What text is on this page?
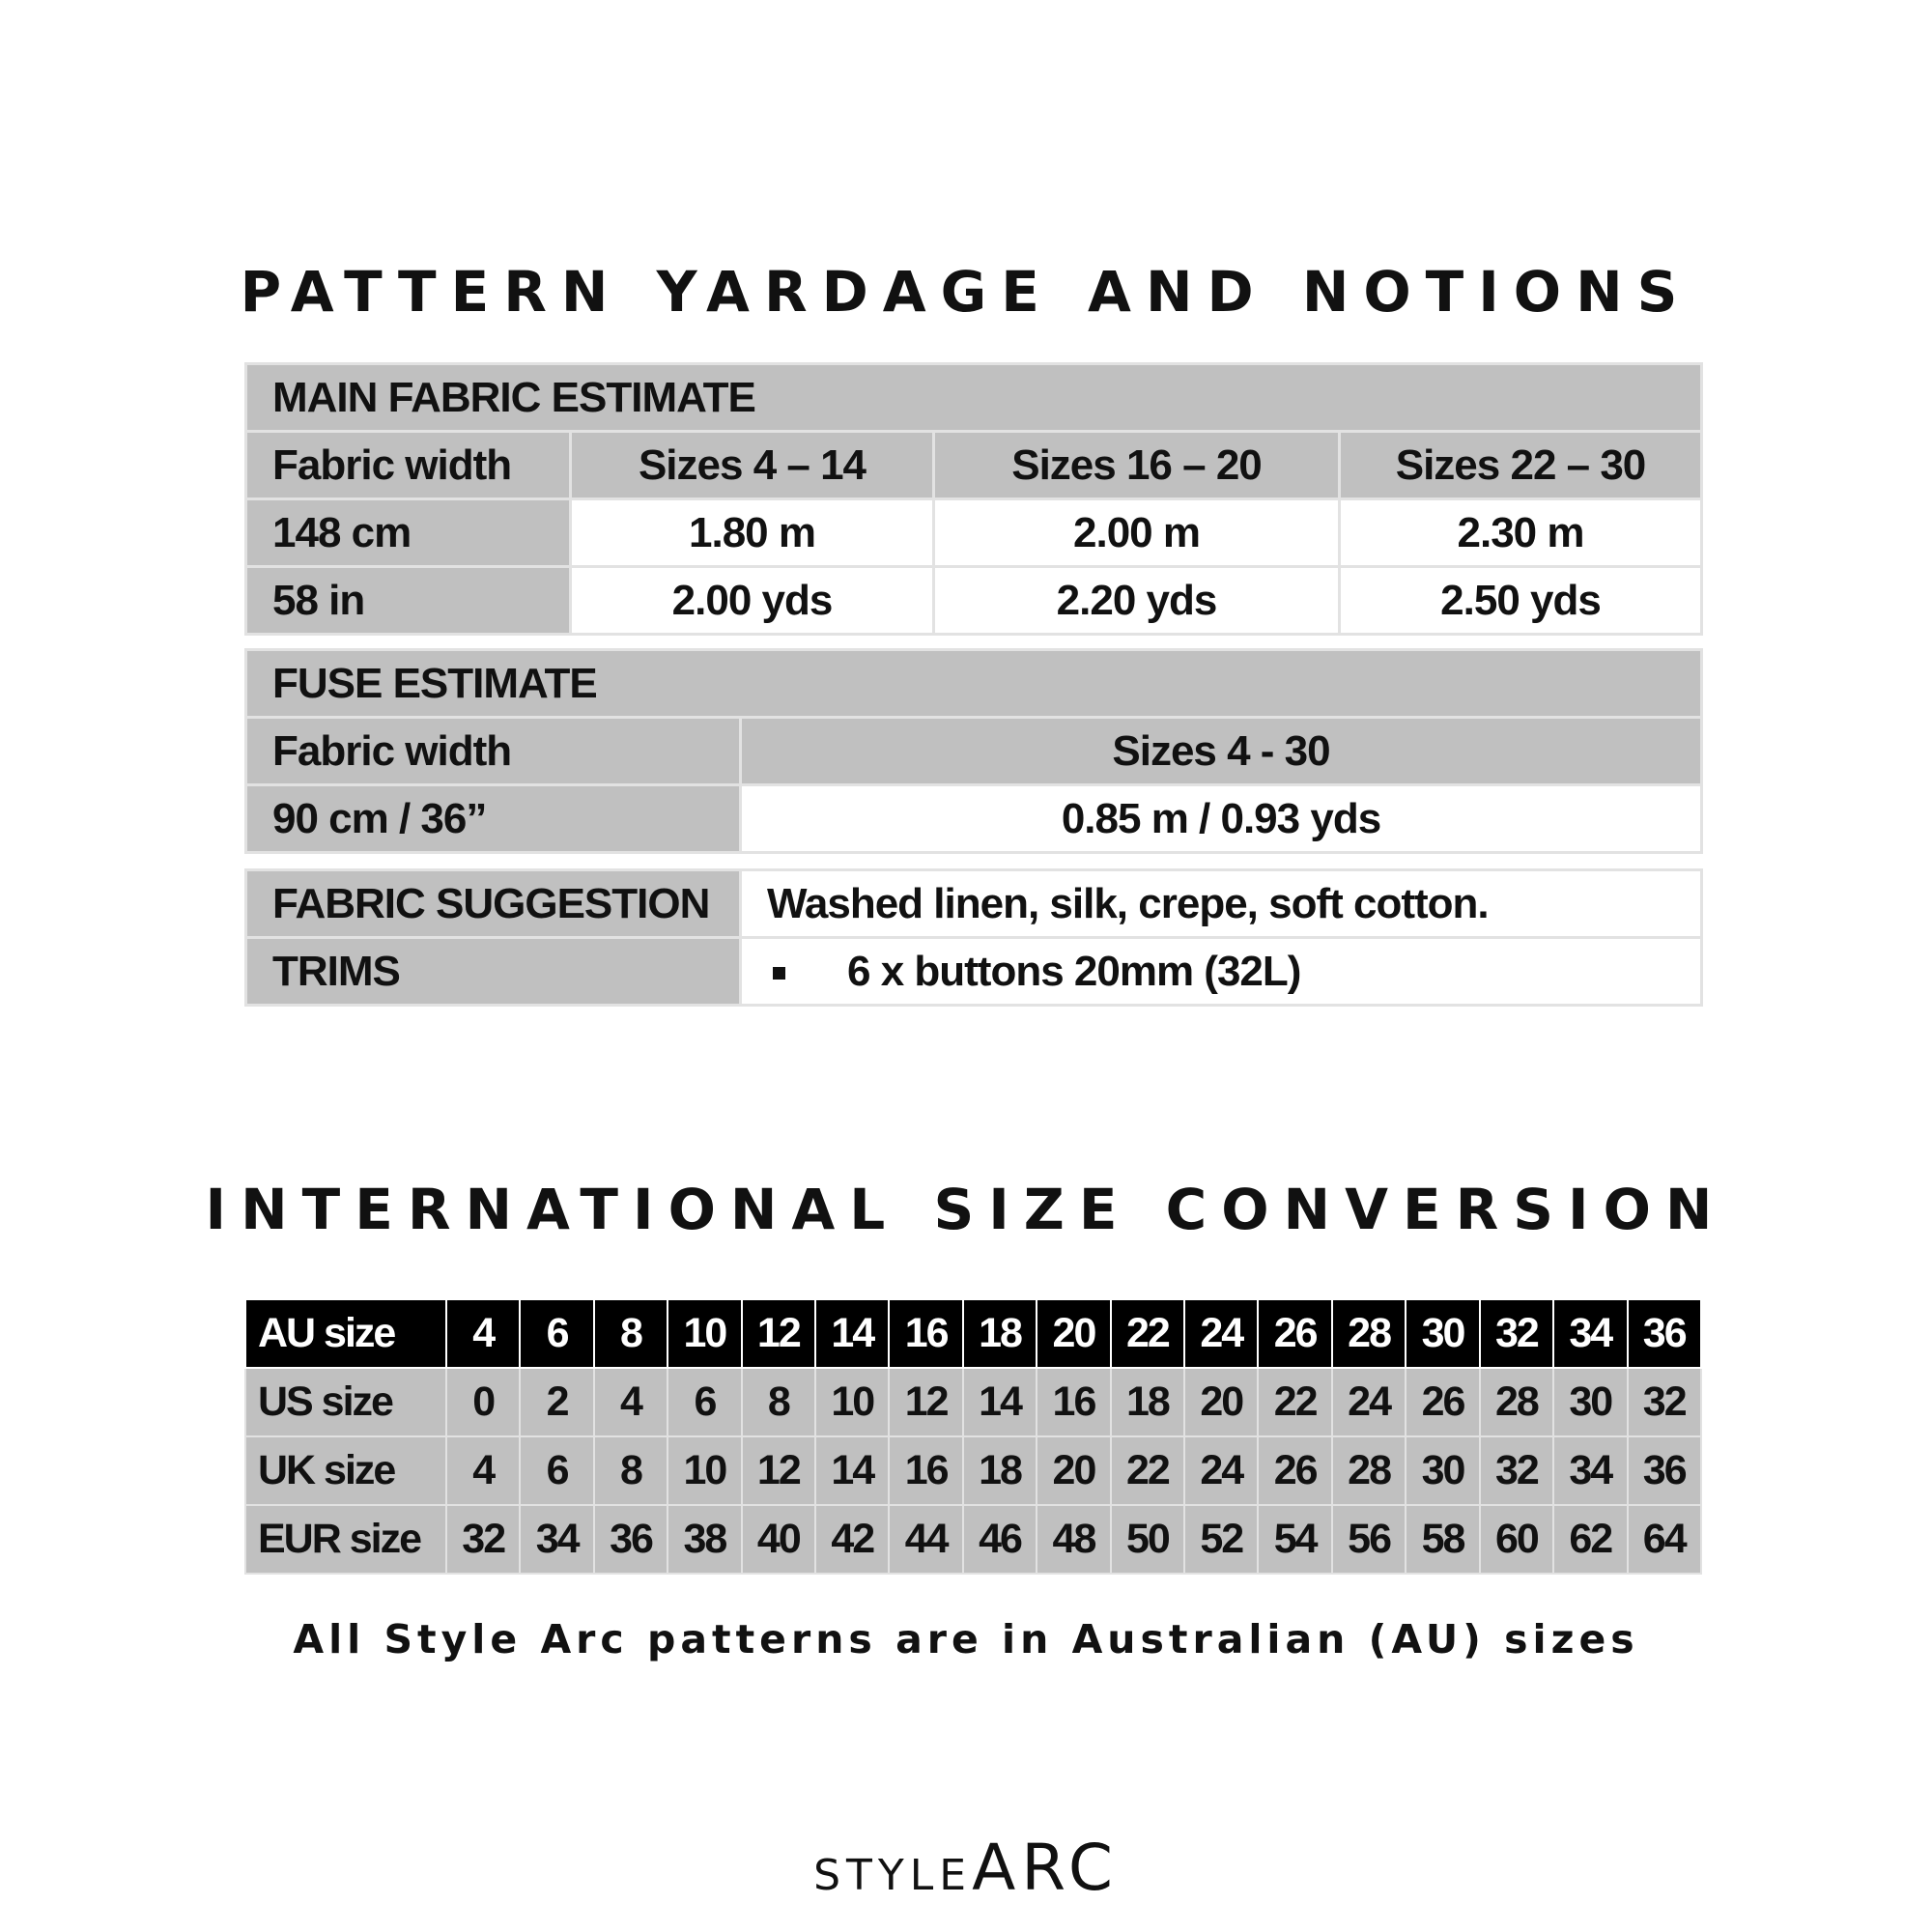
PATTERN YARDAGE AND NOTIONS
MAIN FABRIC ESTIMATE			
Fabric width	Sizes 4 – 14	Sizes 16 – 20	Sizes 22 – 30
148 cm	1.80 m	2.00 m	2.30 m
58 in	2.00 yds	2.20 yds	2.50 yds
FUSE ESTIMATE	
Fabric width	Sizes 4 - 30
90 cm / 36”	0.85 m / 0.93 yds
FABRIC SUGGESTION	Washed linen, silk, crepe, soft cotton.
TRIMS	6 x buttons 20mm (32L)
INTERNATIONAL SIZE CONVERSION
AU size	4	6	8	10	12	14	16	18	20	22	24	26	28	30	32	34	36
US size	0	2	4	6	8	10	12	14	16	18	20	22	24	26	28	30	32
UK size	4	6	8	10	12	14	16	18	20	22	24	26	28	30	32	34	36
EUR size	32	34	36	38	40	42	44	46	48	50	52	54	56	58	60	62	64

All Style Arc patterns are in Australian (AU) sizes

STYLEARC
